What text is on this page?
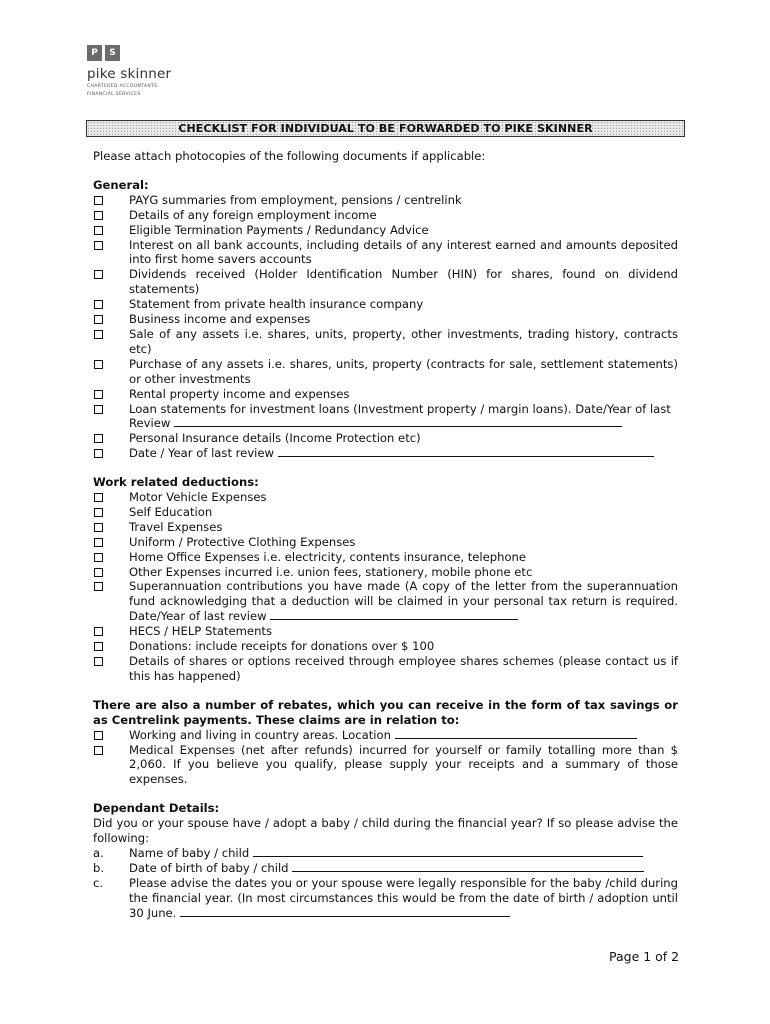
P	S
pike skinner
CHARTERED ACCOUNTANTS
FINANCIAL SERVICES
CHECKLIST FOR INDIVIDUAL TO BE FORWARDED TO PIKE SKINNER

Please attach photocopies of the following documents if applicable:

General:

PAYG summaries from employment, pensions / centrelink
Details of any foreign employment income
Eligible Termination Payments / Redundancy Advice
Interest on all bank accounts, including details of any interest earned and amounts deposited into first home savers accounts
Dividends received (Holder Identification Number (HIN) for shares, found on dividend statements)
Statement from private health insurance company
Business income and expenses
Sale of any assets i.e. shares, units, property, other investments, trading history, contracts etc)
Purchase of any assets i.e. shares, units, property (contracts for sale, settlement statements) or other investments
Rental property income and expenses
Loan statements for investment loans (Investment property / margin loans). Date/Year of last Review
Personal Insurance details (Income Protection etc)
Date / Year of last review

Work related deductions:

Motor Vehicle Expenses
Self Education
Travel Expenses
Uniform / Protective Clothing Expenses
Home Office Expenses i.e. electricity, contents insurance, telephone
Other Expenses incurred i.e. union fees, stationery, mobile phone etc
Superannuation contributions you have made (A copy of the letter from the superannuation fund acknowledging that a deduction will be claimed in your personal tax return is required. Date/Year of last review
HECS / HELP Statements
Donations: include receipts for donations over $ 100
Details of shares or options received through employee shares schemes (please contact us if this has happened)

There are also a number of rebates, which you can receive in the form of tax savings or as Centrelink payments. These claims are in relation to:

Working and living in country areas. Location
Medical Expenses (net after refunds) incurred for yourself or family totalling more than $ 2,060. If you believe you qualify, please supply your receipts and a summary of those expenses.

Dependant Details:

Did you or your spouse have / adopt a baby / child during the financial year? If so please advise the following:

a.	Name of baby / child
b.	Date of birth of baby / child
c.	Please advise the dates you or your spouse were legally responsible for the baby /child during the financial year. (In most circumstances this would be from the date of birth / adoption until 30 June.
Page 1 of 2
